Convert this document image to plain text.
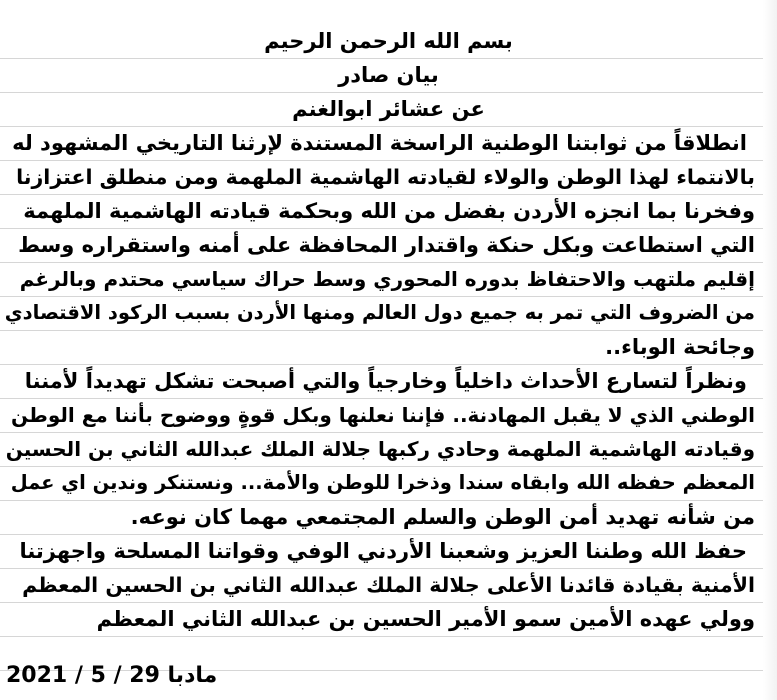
بسم الله الرحمن الرحيم
بيان صادر
عن عشائر ابوالغنم
انطلاقاً من ثوابتنا الوطنية الراسخة المستندة لإرثنا التاريخي المشهود له
بالانتماء لهذا الوطن والولاء لقيادته الهاشمية الملهمة ومن منطلق اعتزازنا
وفخرنا بما انجزه الأردن بفضل من الله وبحكمة قيادته الهاشمية الملهمة
التي استطاعت وبكل حنكة واقتدار المحافظة على أمنه واستقراره وسط
إقليم ملتهب والاحتفاظ بدوره المحوري وسط حراك سياسي محتدم وبالرغم
من الضروف التي تمر به جميع دول العالم ومنها الأردن بسبب الركود الاقتصادي
وجائحة الوباء..
ونظراً لتسارع الأحداث داخلياً وخارجياً والتي أصبحت تشكل تهديداً لأمننا
الوطني الذي لا يقبل المهادنة.. فإننا نعلنها وبكل قوةٍ ووضوح بأننا مع الوطن
وقيادته الهاشمية الملهمة وحادي ركبها جلالة الملك عبدالله الثاني بن الحسين
المعظم حفظه الله وابقاه سندا وذخرا للوطن والأمة... ونستنكر وندين اي عمل
من شأنه تهديد أمن الوطن والسلم المجتمعي مهما كان نوعه.
حفظ الله وطننا العزيز وشعبنا الأردني الوفي وقواتنا المسلحة واجهزتنا
الأمنية بقيادة قائدنا الأعلى جلالة الملك عبدالله الثاني بن الحسين المعظم
وولي عهده الأمين سمو الأمير الحسين بن عبدالله الثاني المعظم
مادبا 29 / 5 / 2021
